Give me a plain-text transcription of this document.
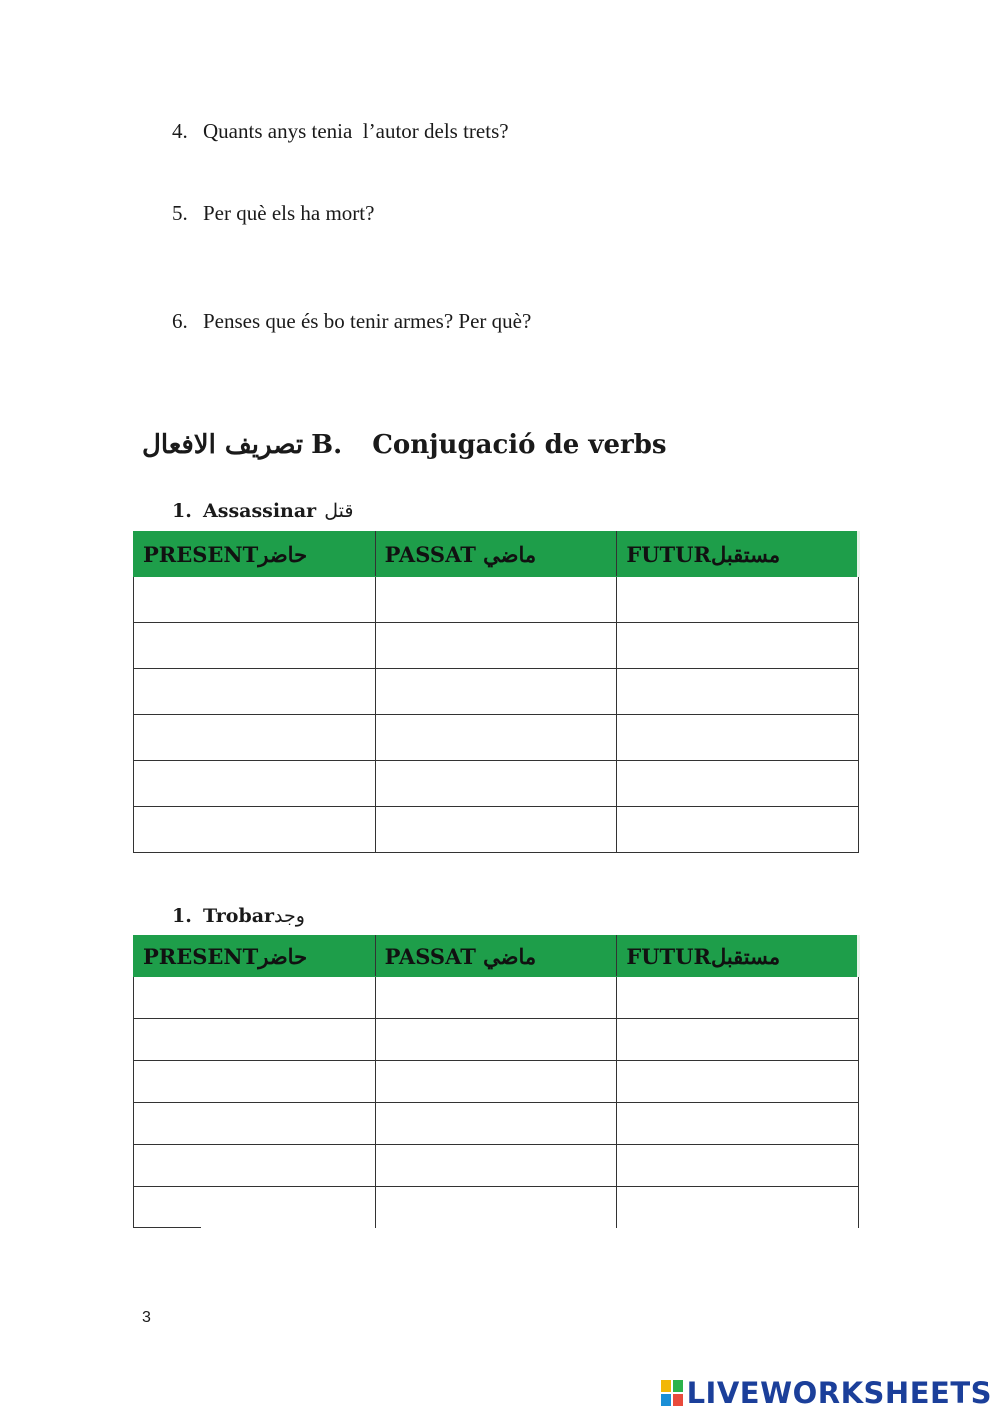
4. Quants anys tenia  l’autor dels trets?
5. Per què els ha mort?
6. Penses que és bo tenir armes? Per què?
تصريف الافعال B. Conjugació de verbs
1. Assassinar قتل
PRESENTحاضر	PASSAT ماضي	FUTURمستقبل

1. Trobarوجد
PRESENTحاضر	PASSAT ماضي	FUTURمستقبل

3
LIVEWORKSHEETS
